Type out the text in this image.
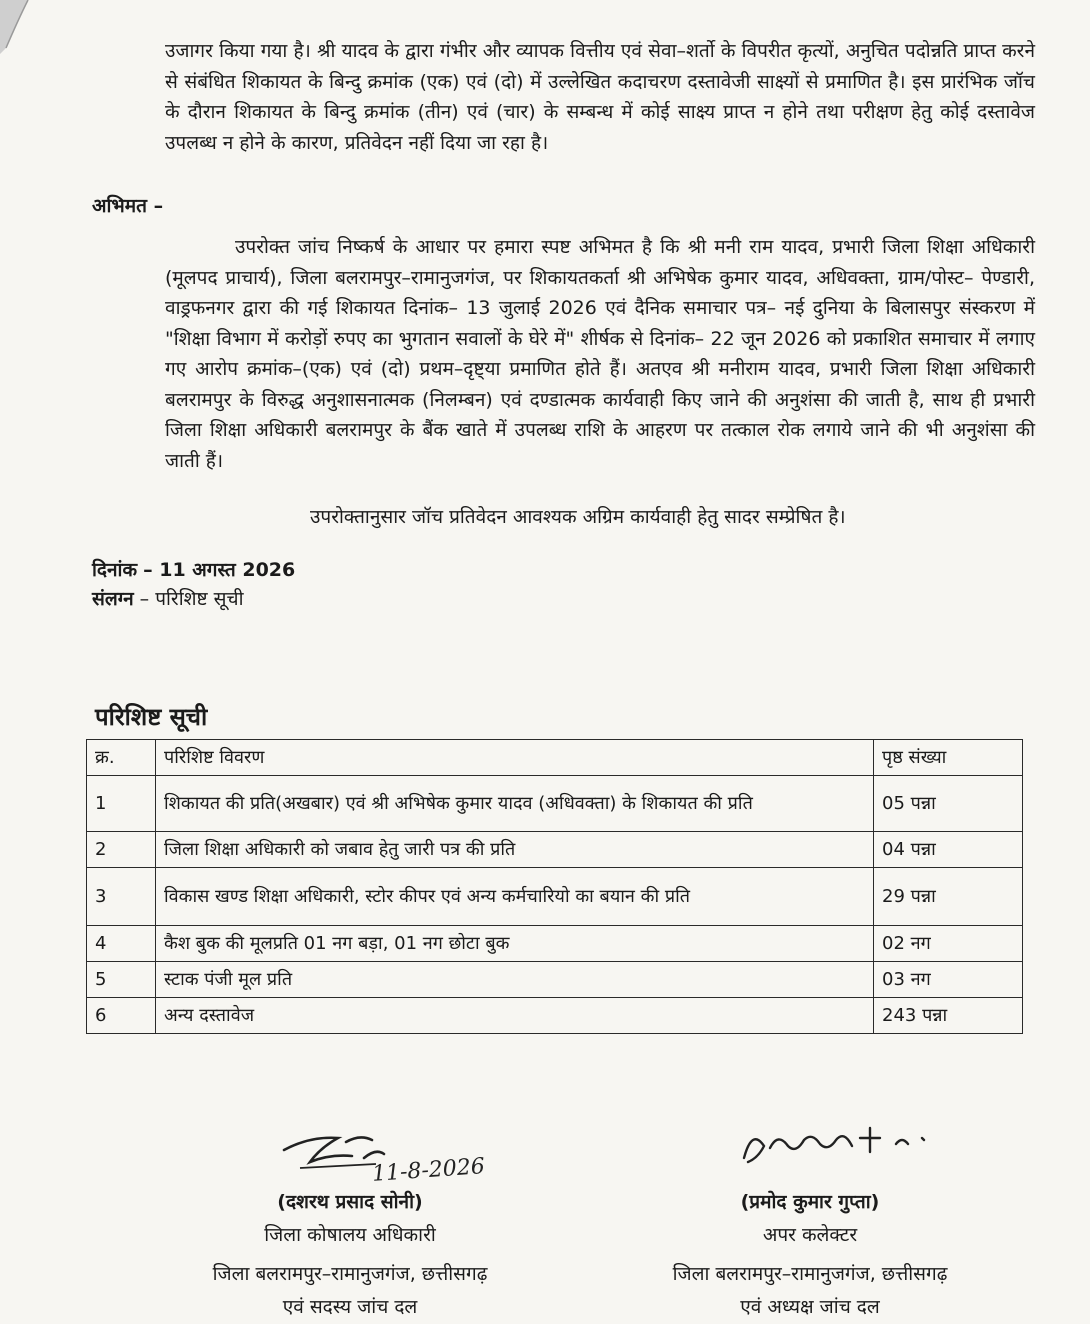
उजागर किया गया है। श्री यादव के द्वारा गंभीर और व्यापक वित्तीय एवं सेवा–शर्तो के विपरीत कृत्यों, अनुचित पदोन्नति प्राप्त करने से संबंधित शिकायत के बिन्दु क्रमांक (एक) एवं (दो) में उल्लेखित कदाचरण दस्तावेजी साक्ष्यों से प्रमाणित है। इस प्रारंभिक जॉच के दौरान शिकायत के बिन्दु क्रमांक (तीन) एवं (चार) के सम्बन्ध में कोई साक्ष्य प्राप्त न होने तथा परीक्षण हेतु कोई दस्तावेज उपलब्ध न होने के कारण, प्रतिवेदन नहीं दिया जा रहा है।

अभिमत –

उपरोक्त जांच निष्कर्ष के आधार पर हमारा स्पष्ट अभिमत है कि श्री मनी राम यादव, प्रभारी जिला शिक्षा अधिकारी (मूलपद प्राचार्य), जिला बलरामपुर–रामानुजगंज, पर शिकायतकर्ता श्री अभिषेक कुमार यादव, अधिवक्ता, ग्राम/पोस्ट– पेण्डारी, वाड्रफनगर द्वारा की गई शिकायत दिनांक– 13 जुलाई 2026 एवं दैनिक समाचार पत्र– नई दुनिया के बिलासपुर संस्करण में "शिक्षा विभाग में करोड़ों रुपए का भुगतान सवालों के घेरे में" शीर्षक से दिनांक– 22 जून 2026 को प्रकाशित समाचार में लगाए गए आरोप क्रमांक–(एक) एवं (दो) प्रथम–दृष्ट्या प्रमाणित होते हैं। अतएव श्री मनीराम यादव, प्रभारी जिला शिक्षा अधिकारी बलरामपुर के विरुद्ध अनुशासनात्मक (निलम्बन) एवं दण्डात्मक कार्यवाही किए जाने की अनुशंसा की जाती है, साथ ही प्रभारी जिला शिक्षा अधिकारी बलरामपुर के बैंक खाते में उपलब्ध राशि के आहरण पर तत्काल रोक लगाये जाने की भी अनुशंसा की जाती हैं।

उपरोक्तानुसार जॉच प्रतिवेदन आवश्यक अग्रिम कार्यवाही हेतु सादर सम्प्रेषित है।

दिनांक – 11 अगस्त 2026

संलग्न – परिशिष्ट सूची

परिशिष्ट सूची

क्र.	परिशिष्ट विवरण	पृष्ठ संख्या
1	शिकायत की प्रति(अखबार) एवं श्री अभिषेक कुमार यादव (अधिवक्ता) के शिकायत की प्रति	05 पन्ना
2	जिला शिक्षा अधिकारी को जबाव हेतु जारी पत्र की प्रति	04 पन्ना
3	विकास खण्ड शिक्षा अधिकारी, स्टोर कीपर एवं अन्य कर्मचारियो का बयान की प्रति	29 पन्ना
4	कैश बुक की मूलप्रति 01 नग बड़ा, 01 नग छोटा बुक	02 नग
5	स्टाक पंजी मूल प्रति	03 नग
6	अन्य दस्तावेज	243 पन्ना
11-8-2026
(दशरथ प्रसाद सोनी)
जिला कोषालय अधिकारी
जिला बलरामपुर–रामानुजगंज, छत्तीसगढ़
एवं सदस्य जांच दल
(प्रमोद कुमार गुप्ता)
अपर कलेक्टर
जिला बलरामपुर–रामानुजगंज, छत्तीसगढ़
एवं अध्यक्ष जांच दल
